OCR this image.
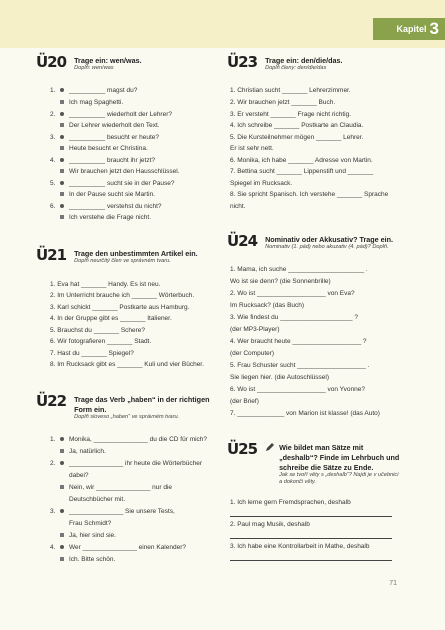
Kapitel 3
Ü20 Trage ein: wen/was.
Doplň: wen/was
1. __________ magst du?
Ich mag Spaghetti.
2. __________ wiederholt der Lehrer?
Der Lehrer wiederholt den Text.
3. __________ besucht er heute?
Heute besucht er Christina.
4. __________ braucht ihr jetzt?
Wir brauchen jetzt den Hausschlüssel.
5. __________ sucht sie in der Pause?
In der Pause sucht sie Martin.
6. __________ verstehst du nicht?
Ich verstehe die Frage nicht.
Ü21 Trage den unbestimmten Artikel ein.
Doplň neurčitý člen ve správném tvaru.
1. Eva hat _______ Handy. Es ist neu.
2. Im Unterricht brauche ich _______ Wörterbuch.
3. Karl schickt _______ Postkarte aus Hamburg.
4. In der Gruppe gibt es _______ Italiener.
5. Brauchst du _______ Schere?
6. Wir fotografieren _______ Stadt.
7. Hast du _______ Spiegel?
8. Im Rucksack gibt es _______ Kuli und vier Bücher.
Ü22 Trage das Verb „haben“ in der richtigen
Form ein.
Doplň sloveso „haben“ ve správném tvaru.
1. Monika, _______________ du die CD für mich?
Ja, natürlich.
2. _______________ ihr heute die Wörterbücher
dabei?
Nein, wir _______________ nur die
Deutschbücher mit.
3. _______________ Sie unsere Tests,
Frau Schmidt?
Ja, hier sind sie.
4. Wer _______________ einen Kalender?
Ich. Bitte schön.
Ü23 Trage ein: den/die/das.
Doplň členy: den/die/das
1. Christian sucht _______ Lehrerzimmer.
2. Wir brauchen jetzt _______ Buch.
3. Er versteht _______ Frage nicht richtig.
4. Ich schreibe _______ Postkarte an Claudia.
5. Die Kursteilnehmer mögen _______ Lehrer.
Er ist sehr nett.
6. Monika, ich habe _______ Adresse von Martin.
7. Bettina sucht _______ Lippenstift und _______
Spiegel im Rucksack.
8. Sie spricht Spanisch. Ich verstehe _______ Sprache
nicht.
Ü24 Nominativ oder Akkusativ? Trage ein.
Nominativ (1. pád) nebo akuzativ (4. pád)? Doplň.
1. Mama, ich suche _____________________ .
Wo ist sie denn? (die Sonnenbrille)
2. Wo ist ___________________ von Eva?
Im Rucksack? (das Buch)
3. Wie findest du ____________________ ?
(der MP3-Player)
4. Wer braucht heute ___________________ ?
(der Computer)
5. Frau Schuster sucht ___________________ .
Sie liegen hier. (die Autoschlüssel)
6. Wo ist ___________________ von Yvonne?
(der Brief)
7. _____________ von Marion ist klasse! (das Auto)
Ü25	Wie bildet man Sätze mit
„deshalb“? Finde im Lehrbuch und
schreibe die Sätze zu Ende.
Jak se tvoří věty s „deshalb“? Najdi je v učebnici
a dokonči věty.
1. Ich lerne gern Fremdsprachen, deshalb
2. Paul mag Musik, deshalb
3. Ich habe eine Kontrollarbeit in Mathe, deshalb
71
